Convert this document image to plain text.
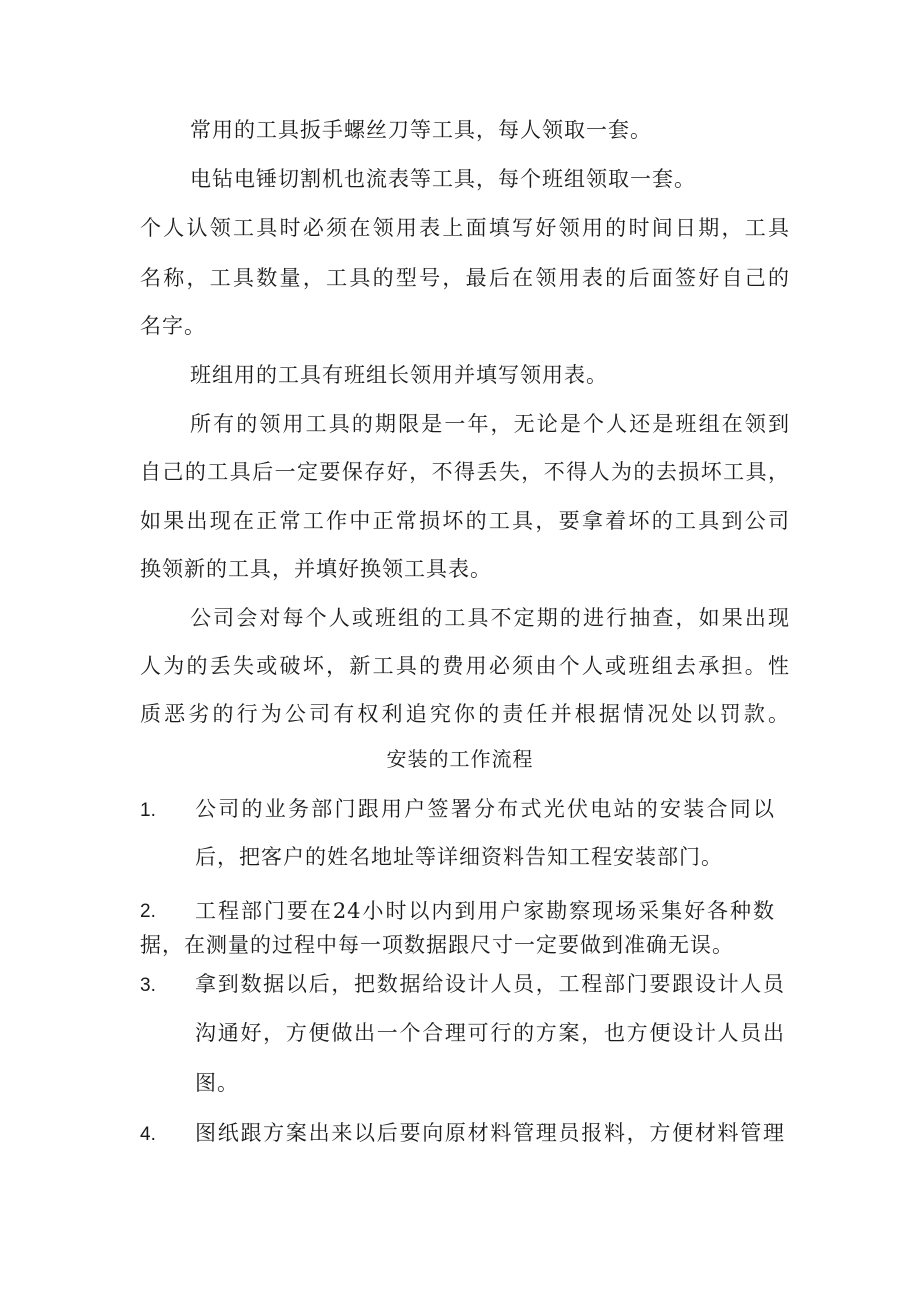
常用的工具扳手螺丝刀等工具，每人领取一套。
电钻电锤切割机也流表等工具，每个班组领取一套。
个人认领工具时必须在领用表上面填写好领用的时间日期，工具
名称，工具数量，工具的型号，最后在领用表的后面签好自己的
名字。
班组用的工具有班组长领用并填写领用表。
所有的领用工具的期限是一年，无论是个人还是班组在领到
自己的工具后一定要保存好，不得丢失，不得人为的去损坏工具，
如果出现在正常工作中正常损坏的工具，要拿着坏的工具到公司
换领新的工具，并填好换领工具表。
公司会对每个人或班组的工具不定期的进行抽查，如果出现
人为的丢失或破坏，新工具的费用必须由个人或班组去承担。性
质恶劣的行为公司有权利追究你的责任并根据情况处以罚款。
安装的工作流程
1. 公司的业务部门跟用户签署分布式光伏电站的安装合同以
后，把客户的姓名地址等详细资料告知工程安装部门。
2. 工程部门要在24小时以内到用户家勘察现场采集好各种数
据，在测量的过程中每一项数据跟尺寸一定要做到准确无误。
3. 拿到数据以后，把数据给设计人员，工程部门要跟设计人员
沟通好，方便做出一个合理可行的方案，也方便设计人员出
图。
4. 图纸跟方案出来以后要向原材料管理员报料，方便材料管理
